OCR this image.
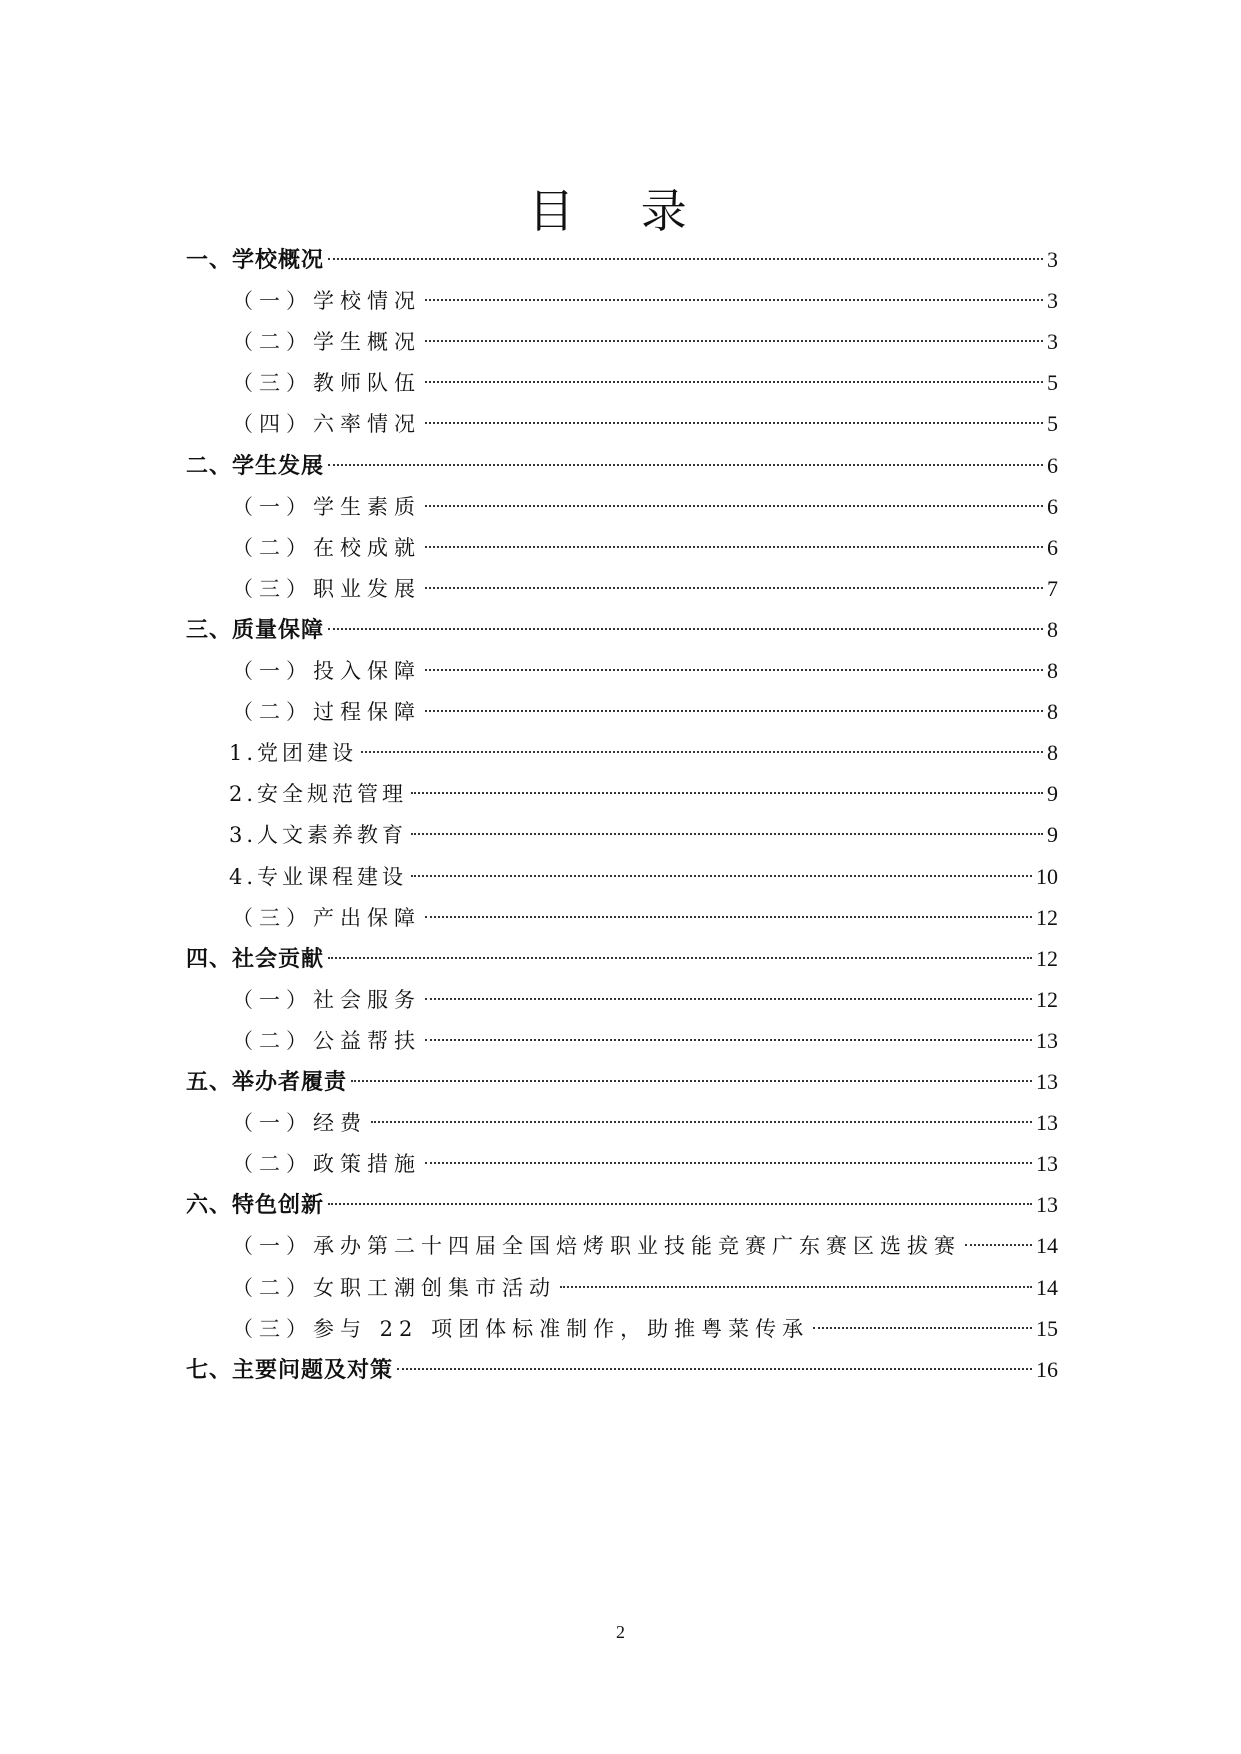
目 录
一、学校概况	3
（一）学校情况	3
（二）学生概况	3
（三）教师队伍	5
（四）六率情况	5
二、学生发展	6
（一）学生素质	6
（二）在校成就	6
（三）职业发展	7
三、质量保障	8
（一）投入保障	8
（二）过程保障	8
1.党团建设	8
2.安全规范管理	9
3.人文素养教育	9
4.专业课程建设	10
（三）产出保障	12
四、社会贡献	12
（一）社会服务	12
（二）公益帮扶	13
五、举办者履责	13
（一）经费	13
（二）政策措施	13
六、特色创新	13
（一）承办第二十四届全国焙烤职业技能竞赛广东赛区选拔赛	14
（二）女职工潮创集市活动	14
（三）参与 22 项团体标准制作，助推粤菜传承	15
七、主要问题及对策	16
2
